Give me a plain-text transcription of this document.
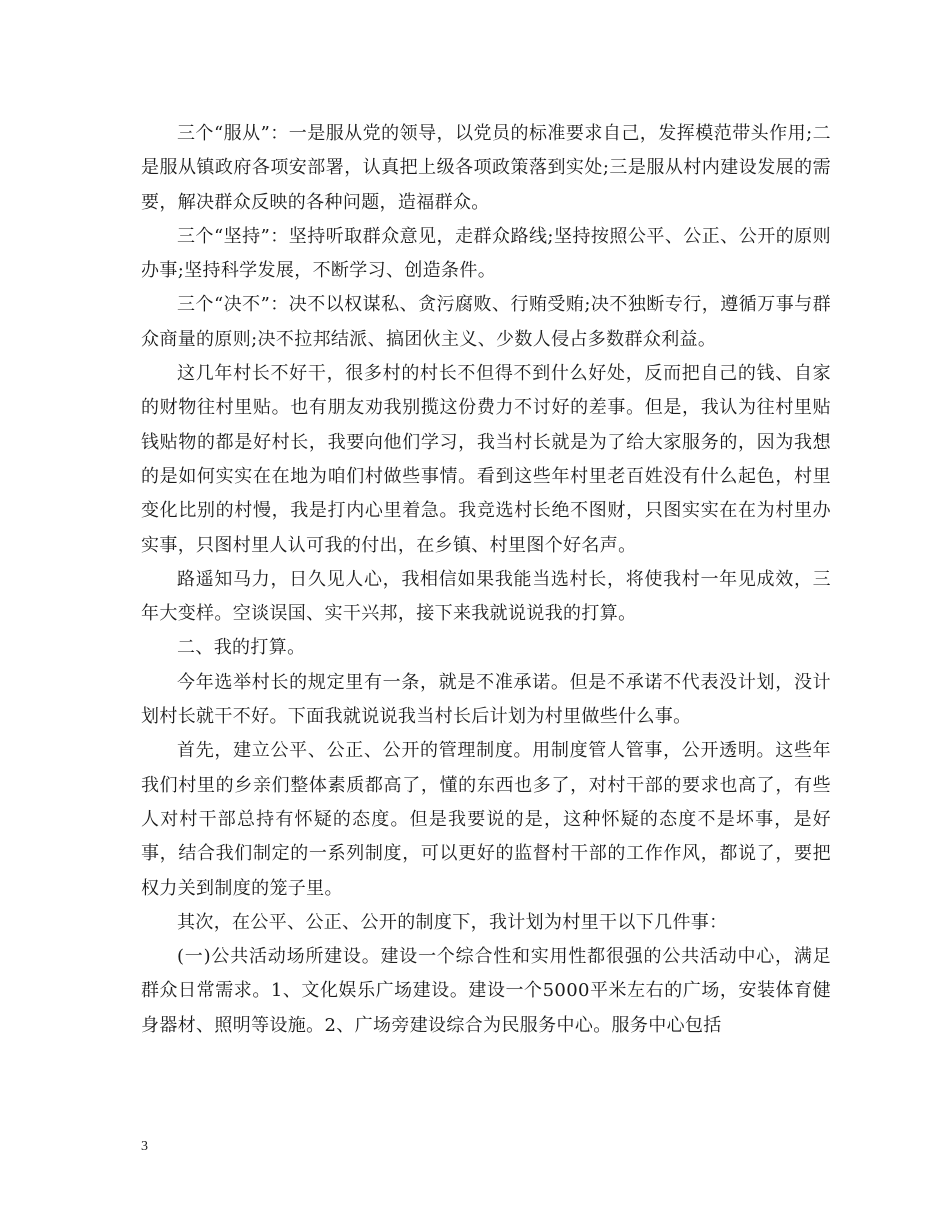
三个“服从”：一是服从党的领导，以党员的标准要求自己，发挥模范带头作用;二是服从镇政府各项安部署，认真把上级各项政策落到实处;三是服从村内建设发展的需要，解决群众反映的各种问题，造福群众。

三个“坚持”：坚持听取群众意见，走群众路线;坚持按照公平、公正、公开的原则办事;坚持科学发展，不断学习、创造条件。

三个“决不”：决不以权谋私、贪污腐败、行贿受贿;决不独断专行，遵循万事与群众商量的原则;决不拉邦结派、搞团伙主义、少数人侵占多数群众利益。

这几年村长不好干，很多村的村长不但得不到什么好处，反而把自己的钱、自家的财物往村里贴。也有朋友劝我别揽这份费力不讨好的差事。但是，我认为往村里贴钱贴物的都是好村长，我要向他们学习，我当村长就是为了给大家服务的，因为我想的是如何实实在在地为咱们村做些事情。看到这些年村里老百姓没有什么起色，村里变化比别的村慢，我是打内心里着急。我竞选村长绝不图财，只图实实在在为村里办实事，只图村里人认可我的付出，在乡镇、村里图个好名声。

路遥知马力，日久见人心，我相信如果我能当选村长，将使我村一年见成效，三年大变样。空谈误国、实干兴邦，接下来我就说说我的打算。

二、我的打算。

今年选举村长的规定里有一条，就是不准承诺。但是不承诺不代表没计划，没计划村长就干不好。下面我就说说我当村长后计划为村里做些什么事。

首先，建立公平、公正、公开的管理制度。用制度管人管事，公开透明。这些年我们村里的乡亲们整体素质都高了，懂的东西也多了，对村干部的要求也高了，有些人对村干部总持有怀疑的态度。但是我要说的是，这种怀疑的态度不是坏事，是好事，结合我们制定的一系列制度，可以更好的监督村干部的工作作风，都说了，要把权力关到制度的笼子里。

其次，在公平、公正、公开的制度下，我计划为村里干以下几件事：

(一)公共活动场所建设。建设一个综合性和实用性都很强的公共活动中心，满足群众日常需求。1、文化娱乐广场建设。建设一个5000平米左右的广场，安装体育健身器材、照明等设施。2、广场旁建设综合为民服务中心。服务中心包括

3
